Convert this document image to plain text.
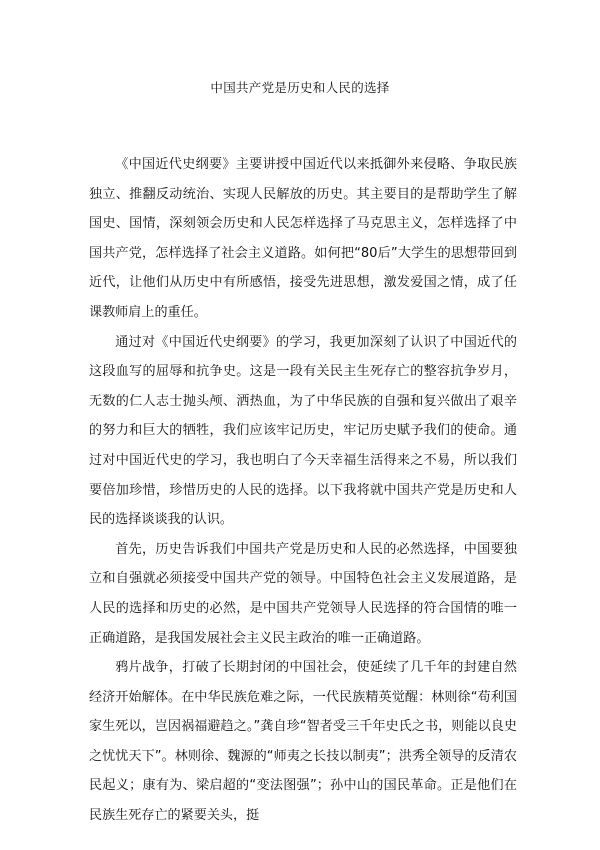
中国共产党是历史和人民的选择

《中国近代史纲要》主要讲授中国近代以来抵御外来侵略、争取民族独立、推翻反动统治、实现人民解放的历史。其主要目的是帮助学生了解国史、国情，深刻领会历史和人民怎样选择了马克思主义，怎样选择了中国共产党，怎样选择了社会主义道路。如何把“80后”大学生的思想带回到近代，让他们从历史中有所感悟，接受先进思想，激发爱国之情，成了任课教师肩上的重任。

通过对《中国近代史纲要》的学习，我更加深刻了认识了中国近代的这段血写的屈辱和抗争史。这是一段有关民主生死存亡的整容抗争岁月，无数的仁人志士抛头颅、洒热血，为了中华民族的自强和复兴做出了艰辛的努力和巨大的牺牲，我们应该牢记历史，牢记历史赋予我们的使命。通过对中国近代史的学习，我也明白了今天幸福生活得来之不易，所以我们要倍加珍惜，珍惜历史的人民的选择。以下我将就中国共产党是历史和人民的选择谈谈我的认识。

首先，历史告诉我们中国共产党是历史和人民的必然选择，中国要独立和自强就必须接受中国共产党的领导。中国特色社会主义发展道路，是人民的选择和历史的必然，是中国共产党领导人民选择的符合国情的唯一正确道路，是我国发展社会主义民主政治的唯一正确道路。

鸦片战争，打破了长期封闭的中国社会，使延续了几千年的封建自然经济开始解体。在中华民族危难之际，一代民族精英觉醒：林则徐“苟利国家生死以，岂因祸福避趋之。”龚自珍“智者受三千年史氏之书，则能以良史之忧忧天下”。林则徐、魏源的“师夷之长技以制夷”；洪秀全领导的反清农民起义；康有为、梁启超的“变法图强”；孙中山的国民革命。正是他们在民族生死存亡的紧要关头，挺
